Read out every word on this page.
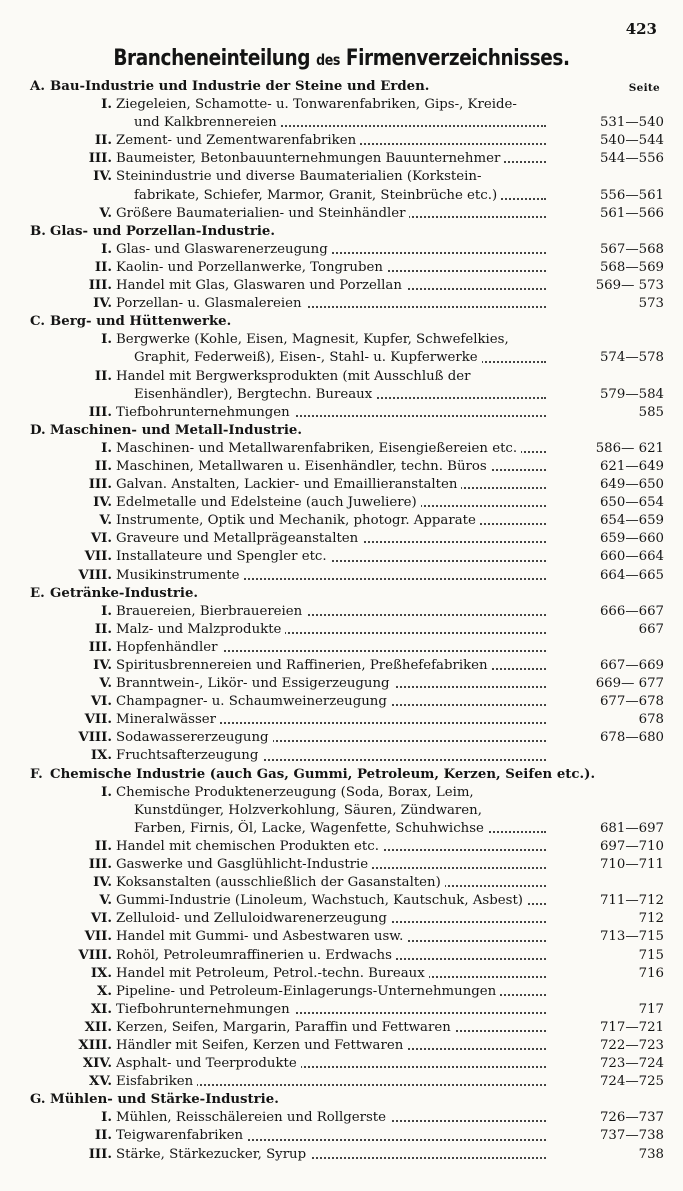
423
Brancheneinteilung des Firmenverzeichnisses.
A. Bau-Industrie und Industrie der Steine und Erden.	Seite
I. Ziegeleien, Schamotte- u. Tonwarenfabriken, Gips-, Kreide-
und Kalkbrennereien	531—540
II. Zement- und Zementwarenfabriken	540—544
III. Baumeister, Betonbauunternehmungen Bauunternehmer	544—556
IV. Steinindustrie und diverse Baumaterialien (Korkstein-
fabrikate, Schiefer, Marmor, Granit, Steinbrüche etc.)	556—561
V. Größere Baumaterialien- und Steinhändler	561—566
B. Glas- und Porzellan-Industrie.
I. Glas- und Glaswarenerzeugung	567—568
II. Kaolin- und Porzellanwerke, Tongruben	568—569
III. Handel mit Glas, Glaswaren und Porzellan	569— 573
IV. Porzellan- u. Glasmalereien	573
C. Berg- und Hüttenwerke.
I. Bergwerke (Kohle, Eisen, Magnesit, Kupfer, Schwefelkies,
Graphit, Federweiß), Eisen-, Stahl- u. Kupferwerke	574—578
II. Handel mit Bergwerksprodukten (mit Ausschluß der
Eisenhändler), Bergtechn. Bureaux	579—584
III. Tiefbohrunternehmungen	585
D. Maschinen- und Metall-Industrie.
I. Maschinen- und Metallwarenfabriken, Eisengießereien etc.	586— 621
II. Maschinen, Metallwaren u. Eisenhändler, techn. Büros	621—649
III. Galvan. Anstalten, Lackier- und Emaillieranstalten	649—650
IV. Edelmetalle und Edelsteine (auch Juweliere)	650—654
V. Instrumente, Optik und Mechanik, photogr. Apparate	654—659
VI. Graveure und Metallprägeanstalten	659—660
VII. Installateure und Spengler etc.	660—664
VIII. Musikinstrumente	664—665
E. Getränke-Industrie.
I. Brauereien, Bierbrauereien	666—667
II. Malz- und Malzprodukte	667
III. Hopfenhändler
IV. Spiritusbrennereien und Raffinerien, Preßhefefabriken	667—669
V. Branntwein-, Likör- und Essigerzeugung	669— 677
VI. Champagner- u. Schaumweinerzeugung	677—678
VII. Mineralwässer	678
VIII. Sodawassererzeugung	678—680
IX. Fruchtsafterzeugung
F. Chemische Industrie (auch Gas, Gummi, Petroleum, Kerzen, Seifen etc.).
I. Chemische Produktenerzeugung (Soda, Borax, Leim,
Kunstdünger, Holzverkohlung, Säuren, Zündwaren,
Farben, Firnis, Öl, Lacke, Wagenfette, Schuhwichse	681—697
II. Handel mit chemischen Produkten etc.	697—710
III. Gaswerke und Gasglühlicht-Industrie	710—711
IV. Koksanstalten (ausschließlich der Gasanstalten)
V. Gummi-Industrie (Linoleum, Wachstuch, Kautschuk, Asbest)	711—712
VI. Zelluloid- und Zelluloidwarenerzeugung	712
VII. Handel mit Gummi- und Asbestwaren usw.	713—715
VIII. Rohöl, Petroleumraffinerien u. Erdwachs	715
IX. Handel mit Petroleum, Petrol.-techn. Bureaux	716
X. Pipeline- und Petroleum-Einlagerungs-Unternehmungen
XI. Tiefbohrunternehmungen	717
XII. Kerzen, Seifen, Margarin, Paraffin und Fettwaren	717—721
XIII. Händler mit Seifen, Kerzen und Fettwaren	722—723
XIV. Asphalt- und Teerprodukte	723—724
XV. Eisfabriken	724—725
G. Mühlen- und Stärke-Industrie.
I. Mühlen, Reisschälereien und Rollgerste	726—737
II. Teigwarenfabriken	737—738
III. Stärke, Stärkezucker, Syrup	738
